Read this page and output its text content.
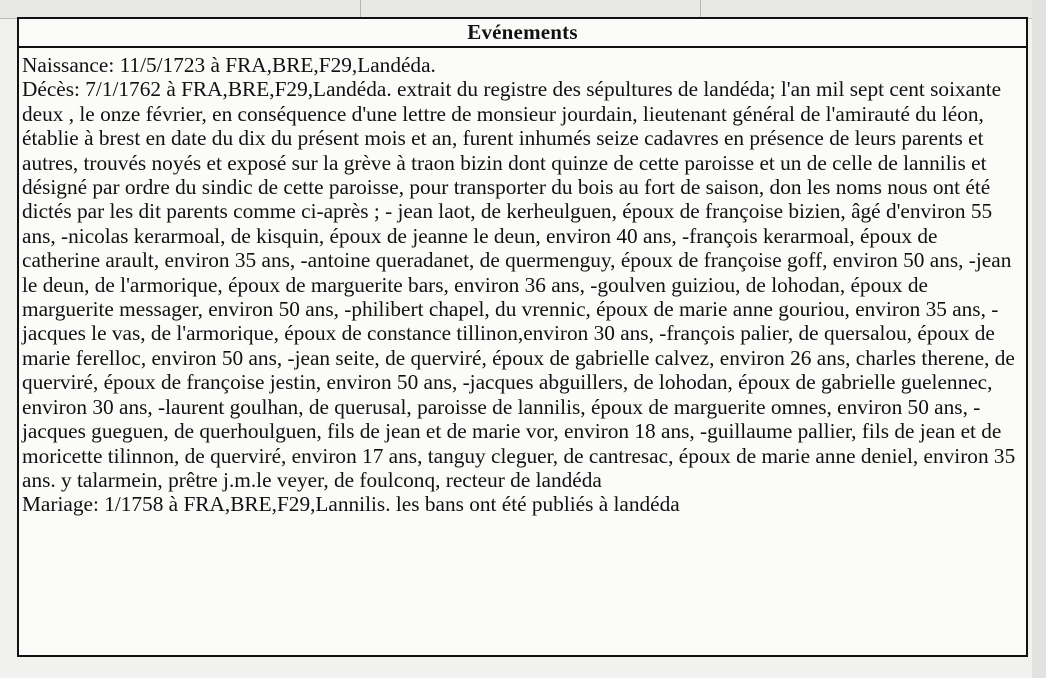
Evénements

Naissance: 11/5/1723 à FRA,BRE,F29,Landéda.

Décès: 7/1/1762 à FRA,BRE,F29,Landéda. extrait du registre des sépultures de landéda; l'an mil sept cent soixante deux , le onze février, en conséquence d'une lettre de monsieur jourdain, lieutenant général de l'amirauté du léon, établie à brest en date du dix du présent mois et an, furent inhumés seize cadavres en présence de leurs parents et autres, trouvés noyés et exposé sur la grève à traon bizin dont quinze de cette paroisse et un de celle de lannilis et désigné par ordre du sindic de cette paroisse, pour transporter du bois au fort de saison, don les noms nous ont été dictés par les dit parents comme ci-après ; - jean laot, de kerheulguen, époux de françoise bizien, âgé d'environ 55 ans, -nicolas kerarmoal, de kisquin, époux de jeanne le deun, environ 40 ans, -françois kerarmoal, époux de catherine arault, environ 35 ans, -antoine queradanet, de quermenguy, époux de françoise goff, environ 50 ans, -jean le deun, de l'armorique, époux de marguerite bars, environ 36 ans, -goulven guiziou, de lohodan, époux de marguerite messager, environ 50 ans, -philibert chapel, du vrennic, époux de marie anne gouriou, environ 35 ans, -jacques le vas, de l'armorique, époux de constance tillinon,environ 30 ans, -françois palier, de quersalou, époux de marie ferelloc, environ 50 ans, -jean seite, de querviré, époux de gabrielle calvez, environ 26 ans, charles therene, de querviré, époux de françoise jestin, environ 50 ans, -jacques abguillers, de lohodan, époux de gabrielle guelennec, environ 30 ans, -laurent goulhan, de querusal, paroisse de lannilis, époux de marguerite omnes, environ 50 ans, -jacques gueguen, de querhoulguen, fils de jean et de marie vor, environ 18 ans, -guillaume pallier, fils de jean et de moricette tilinnon, de querviré, environ 17 ans, tanguy cleguer, de cantresac, époux de marie anne deniel, environ 35 ans. y talarmein, prêtre j.m.le veyer, de foulconq, recteur de landéda

Mariage: 1/1758 à FRA,BRE,F29,Lannilis. les bans ont été publiés à landéda
